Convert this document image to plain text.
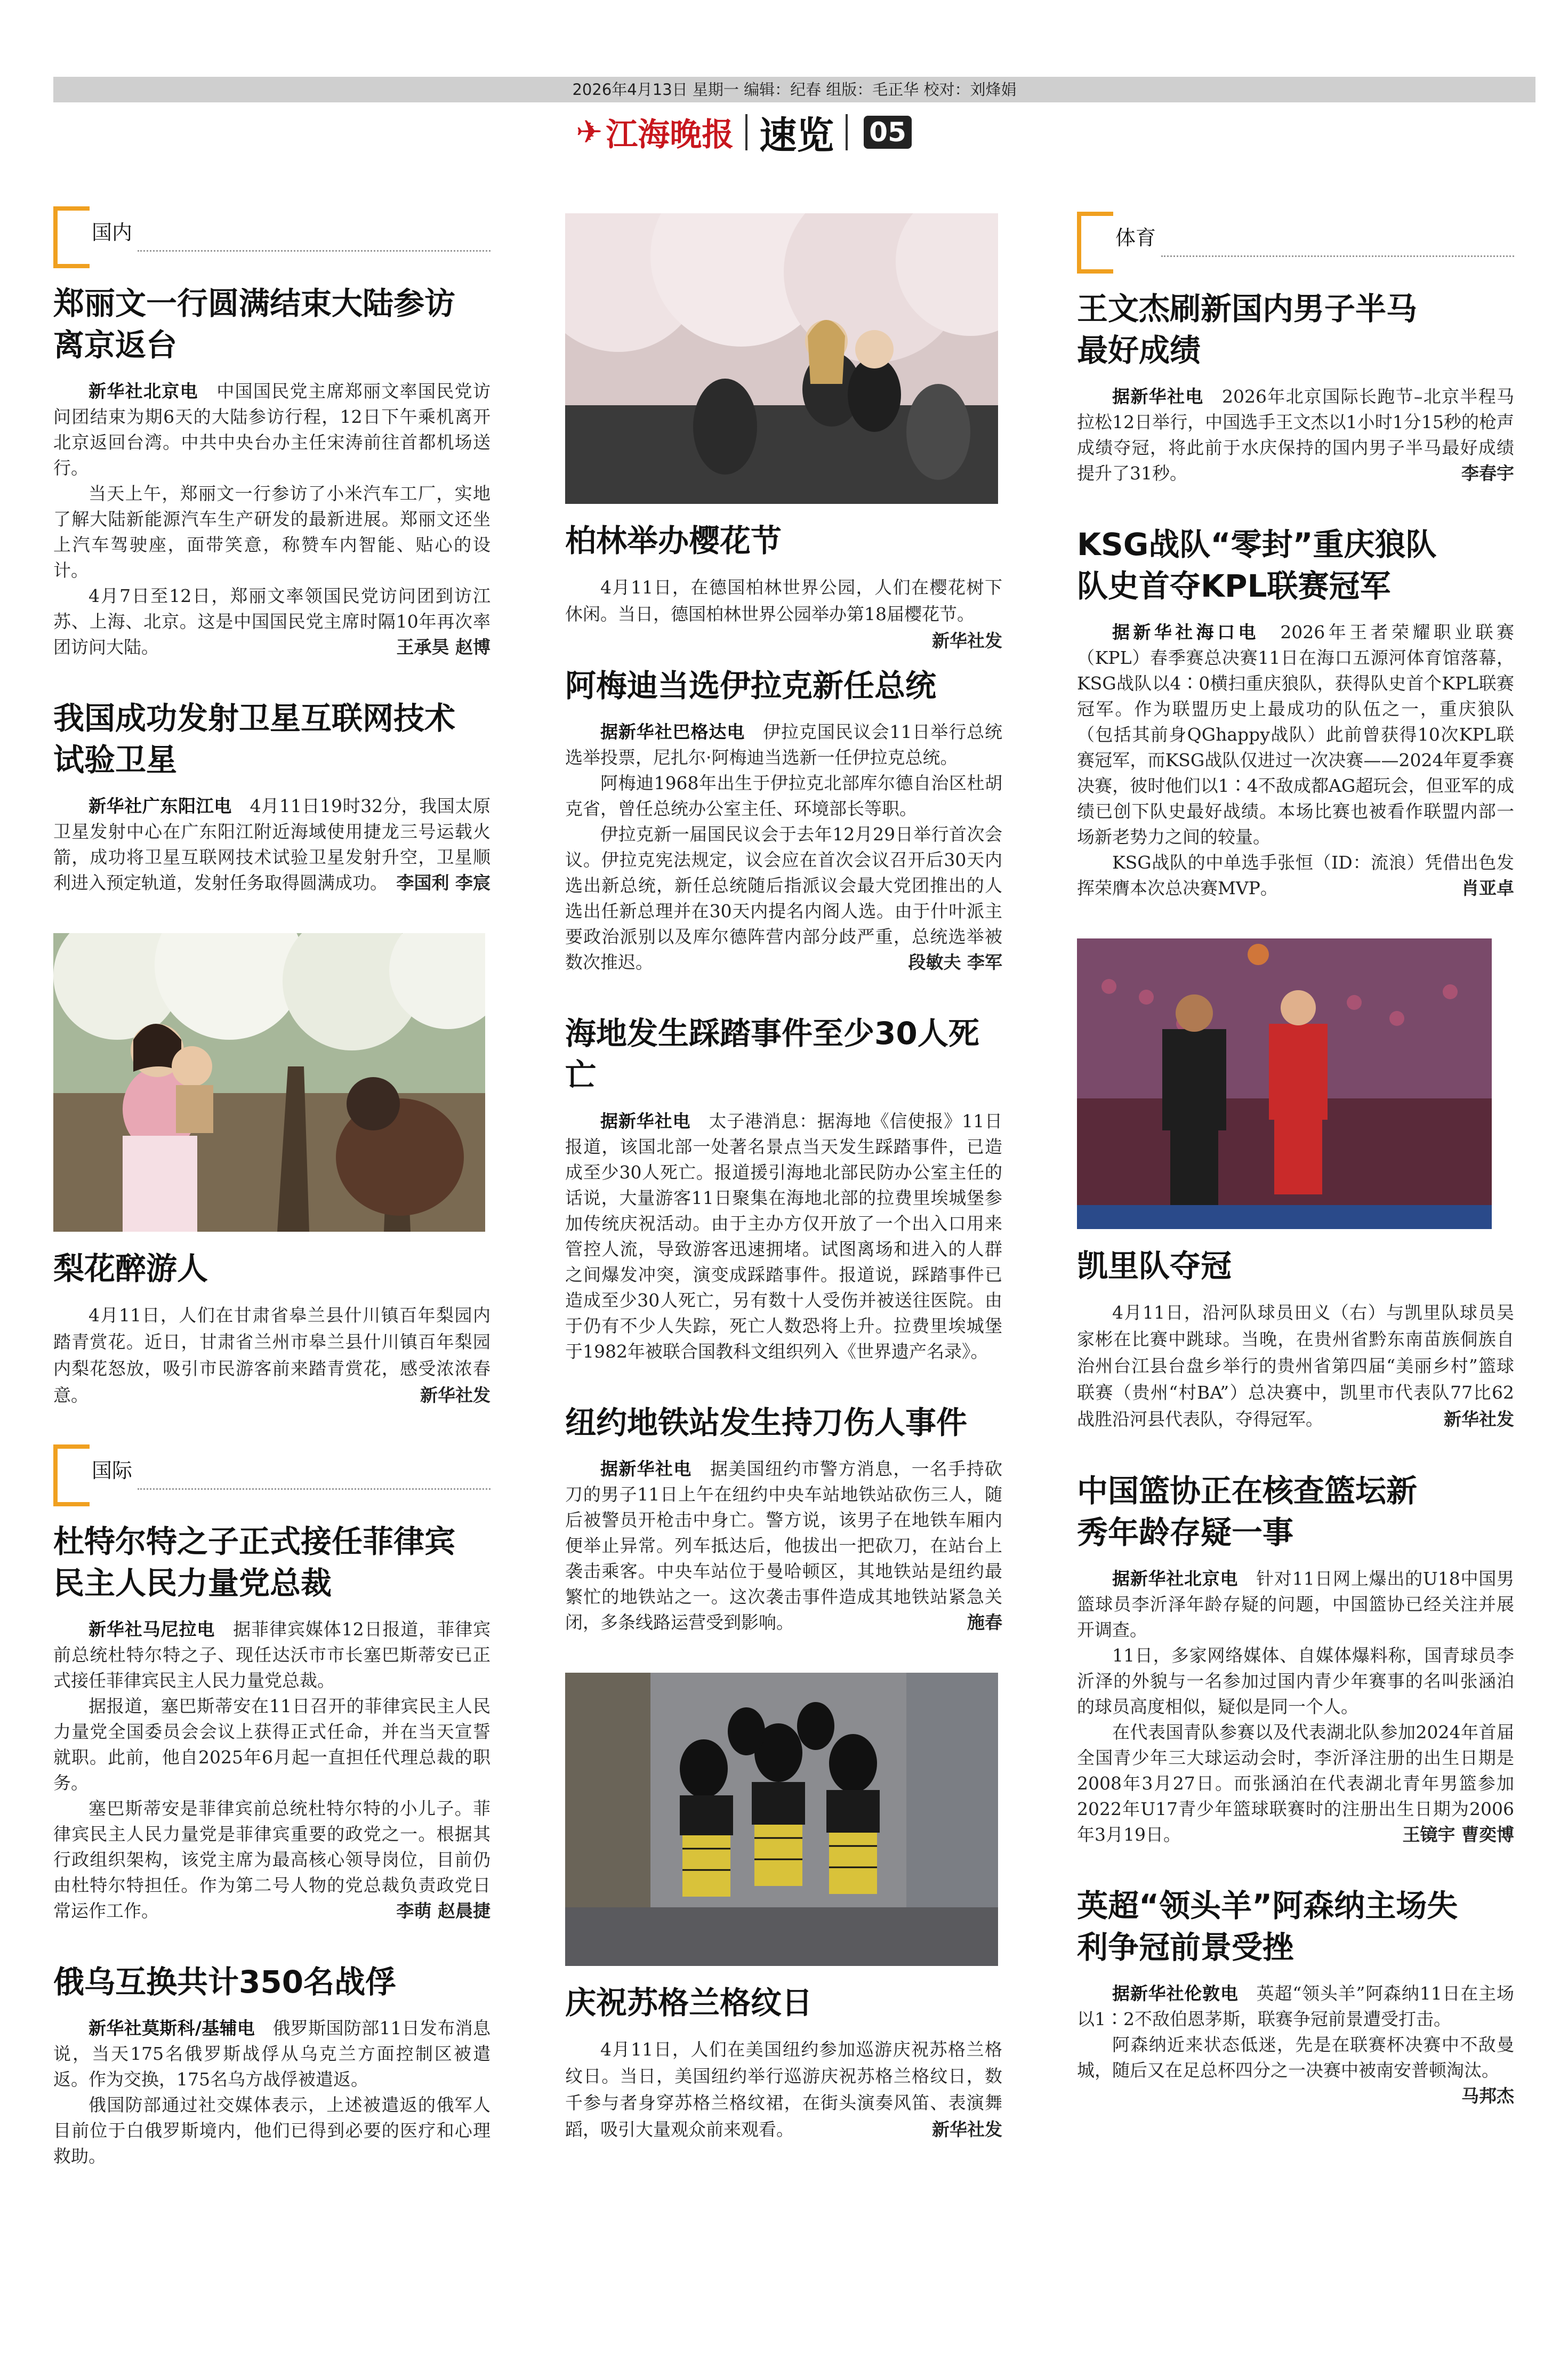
2026年4月13日 星期一 编辑：纪春 组版：毛正华 校对：刘烽娟
✈ 江海晚报 速览 05
国内
郑丽文一行圆满结束大陆参访离京返台

新华社北京电　 中国国民党主席郑丽文率国民党访问团结束为期6天的大陆参访行程，12日下午乘机离开北京返回台湾。中共中央台办主任宋涛前往首都机场送行。

当天上午，郑丽文一行参访了小米汽车工厂，实地了解大陆新能源汽车生产研发的最新进展。郑丽文还坐上汽车驾驶座，面带笑意，称赞车内智能、贴心的设计。

4月7日至12日，郑丽文率领国民党访问团到访江苏、上海、北京。这是中国国民党主席时隔10年再次率团访问大陆。	王承昊 赵博

我国成功发射卫星互联网技术试验卫星

新华社广东阳江电　 4月11日19时32分，我国太原卫星发射中心在广东阳江附近海域使用捷龙三号运载火箭，成功将卫星互联网技术试验卫星发射升空，卫星顺利进入预定轨道，发射任务取得圆满成功。 李国利 李宸

梨花醉游人
4月11日，人们在甘肃省皋兰县什川镇百年梨园内踏青赏花。近日，甘肃省兰州市皋兰县什川镇百年梨园内梨花怒放，吸引市民游客前来踏青赏花，感受浓浓春意。	新华社发
国际
杜特尔特之子正式接任菲律宾民主人民力量党总裁

新华社马尼拉电　 据菲律宾媒体12日报道，菲律宾前总统杜特尔特之子、现任达沃市市长塞巴斯蒂安已正式接任菲律宾民主人民力量党总裁。

据报道，塞巴斯蒂安在11日召开的菲律宾民主人民力量党全国委员会会议上获得正式任命，并在当天宣誓就职。此前，他自2025年6月起一直担任代理总裁的职务。

塞巴斯蒂安是菲律宾前总统杜特尔特的小儿子。菲律宾民主人民力量党是菲律宾重要的政党之一。根据其行政组织架构，该党主席为最高核心领导岗位，目前仍由杜特尔特担任。作为第二号人物的党总裁负责政党日常运作工作。	李萌 赵晨捷

俄乌互换共计350名战俘

新华社莫斯科/基辅电　 俄罗斯国防部11日发布消息说，当天175名俄罗斯战俘从乌克兰方面控制区被遣返。作为交换，175名乌方战俘被遣返。

俄国防部通过社交媒体表示，上述被遣返的俄军人目前位于白俄罗斯境内，他们已得到必要的医疗和心理救助。

柏林举办樱花节
4月11日，在德国柏林世界公园，人们在樱花树下休闲。当日，德国柏林世界公园举办第18届樱花节。
新华社发
阿梅迪当选伊拉克新任总统

据新华社巴格达电　 伊拉克国民议会11日举行总统选举投票，尼扎尔·阿梅迪当选新一任伊拉克总统。

阿梅迪1968年出生于伊拉克北部库尔德自治区杜胡克省，曾任总统办公室主任、环境部长等职。

伊拉克新一届国民议会于去年12月29日举行首次会议。伊拉克宪法规定，议会应在首次会议召开后30天内选出新总统，新任总统随后指派议会最大党团推出的人选出任新总理并在30天内提名内阁人选。由于什叶派主要政治派别以及库尔德阵营内部分歧严重，总统选举被数次推迟。	段敏夫 李军

海地发生踩踏事件至少30人死亡

据新华社电　 太子港消息：据海地《信使报》11日报道，该国北部一处著名景点当天发生踩踏事件，已造成至少30人死亡。报道援引海地北部民防办公室主任的话说，大量游客11日聚集在海地北部的拉费里埃城堡参加传统庆祝活动。由于主办方仅开放了一个出入口用来管控人流，导致游客迅速拥堵。试图离场和进入的人群之间爆发冲突，演变成踩踏事件。报道说，踩踏事件已造成至少30人死亡，另有数十人受伤并被送往医院。由于仍有不少人失踪，死亡人数恐将上升。拉费里埃城堡于1982年被联合国教科文组织列入《世界遗产名录》。

纽约地铁站发生持刀伤人事件

据新华社电　 据美国纽约市警方消息，一名手持砍刀的男子11日上午在纽约中央车站地铁站砍伤三人，随后被警员开枪击中身亡。警方说，该男子在地铁车厢内便举止异常。列车抵达后，他拔出一把砍刀，在站台上袭击乘客。中央车站位于曼哈顿区，其地铁站是纽约最繁忙的地铁站之一。这次袭击事件造成其地铁站紧急关闭，多条线路运营受到影响。	施春

庆祝苏格兰格纹日
4月11日，人们在美国纽约参加巡游庆祝苏格兰格纹日。当日，美国纽约举行巡游庆祝苏格兰格纹日，数千参与者身穿苏格兰格纹裙，在街头演奏风笛、表演舞蹈，吸引大量观众前来观看。	新华社发
体育
王文杰刷新国内男子半马最好成绩

据新华社电　 2026年北京国际长跑节–北京半程马拉松12日举行，中国选手王文杰以1小时1分15秒的枪声成绩夺冠，将此前于水庆保持的国内男子半马最好成绩提升了31秒。	李春宇

KSG战队“零封”重庆狼队队史首夺KPL联赛冠军

据新华社海口电　 2026年王者荣耀职业联赛（KPL）春季赛总决赛11日在海口五源河体育馆落幕，KSG战队以4∶0横扫重庆狼队，获得队史首个KPL联赛冠军。作为联盟历史上最成功的队伍之一，重庆狼队（包括其前身QGhappy战队）此前曾获得10次KPL联赛冠军，而KSG战队仅进过一次决赛——2024年夏季赛决赛，彼时他们以1∶4不敌成都AG超玩会，但亚军的成绩已创下队史最好战绩。本场比赛也被看作联盟内部一场新老势力之间的较量。

KSG战队的中单选手张恒（ID：流浪）凭借出色发挥荣膺本次总决赛MVP。	肖亚卓

凯里队夺冠
4月11日，沿河队球员田义（右）与凯里队球员吴家彬在比赛中跳球。当晚，在贵州省黔东南苗族侗族自治州台江县台盘乡举行的贵州省第四届“美丽乡村”篮球联赛（贵州“村BA”）总决赛中，凯里市代表队77比62战胜沿河县代表队，夺得冠军。	新华社发
中国篮协正在核查篮坛新秀年龄存疑一事

据新华社北京电　 针对11日网上爆出的U18中国男篮球员李沂泽年龄存疑的问题，中国篮协已经关注并展开调查。

11日，多家网络媒体、自媒体爆料称，国青球员李沂泽的外貌与一名参加过国内青少年赛事的名叫张涵泊的球员高度相似，疑似是同一个人。

在代表国青队参赛以及代表湖北队参加2024年首届全国青少年三大球运动会时，李沂泽注册的出生日期是2008年3月27日。而张涵泊在代表湖北青年男篮参加2022年U17青少年篮球联赛时的注册出生日期为2006年3月19日。	王镜宇 曹奕博

英超“领头羊”阿森纳主场失利争冠前景受挫

据新华社伦敦电　 英超“领头羊”阿森纳11日在主场以1∶2不敌伯恩茅斯，联赛争冠前景遭受打击。

阿森纳近来状态低迷，先是在联赛杯决赛中不敌曼城，随后又在足总杯四分之一决赛中被南安普顿淘汰。
马邦杰
